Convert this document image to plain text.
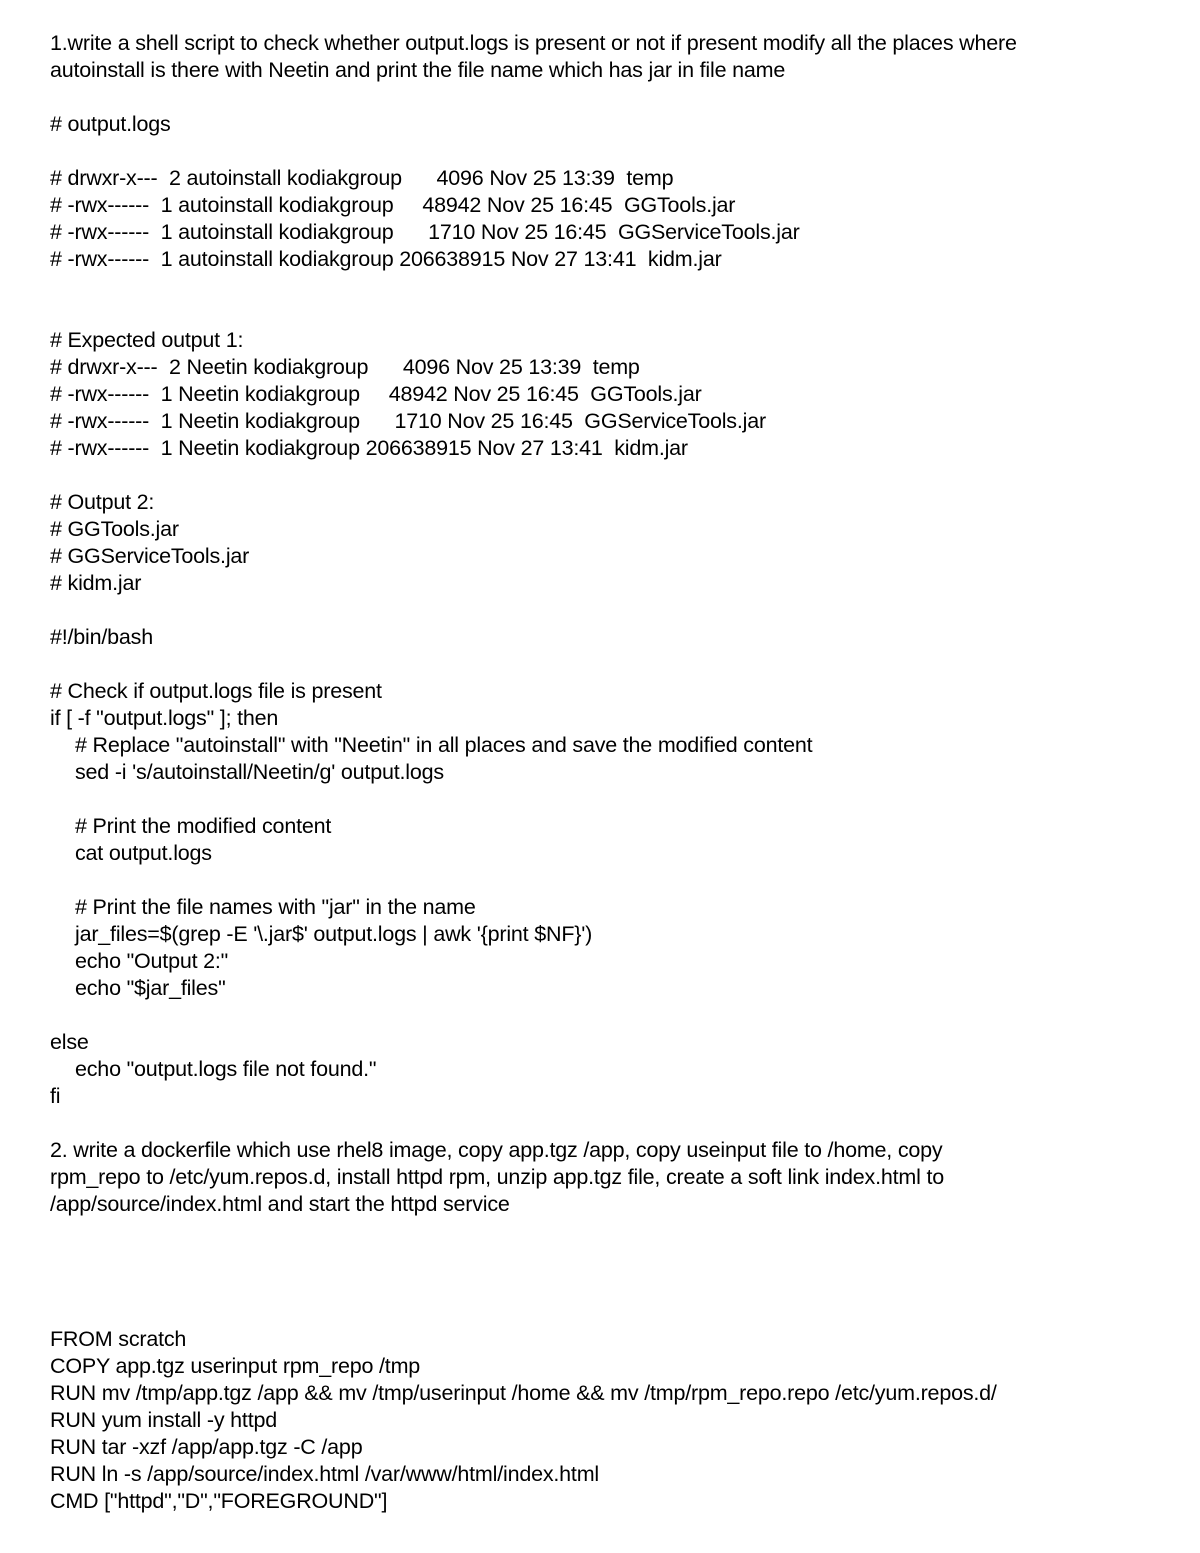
1.write a shell script to check whether output.logs is present or not if present modify all the places where
autoinstall is there with Neetin and print the file name which has jar in file name
# output.logs
# drwxr-x---  2 autoinstall kodiakgroup      4096 Nov 25 13:39  temp
# -rwx------  1 autoinstall kodiakgroup     48942 Nov 25 16:45  GGTools.jar
# -rwx------  1 autoinstall kodiakgroup      1710 Nov 25 16:45  GGServiceTools.jar
# -rwx------  1 autoinstall kodiakgroup 206638915 Nov 27 13:41  kidm.jar
# Expected output 1:
# drwxr-x---  2 Neetin kodiakgroup      4096 Nov 25 13:39  temp
# -rwx------  1 Neetin kodiakgroup     48942 Nov 25 16:45  GGTools.jar
# -rwx------  1 Neetin kodiakgroup      1710 Nov 25 16:45  GGServiceTools.jar
# -rwx------  1 Neetin kodiakgroup 206638915 Nov 27 13:41  kidm.jar
# Output 2:
# GGTools.jar
# GGServiceTools.jar
# kidm.jar
#!/bin/bash
# Check if output.logs file is present
if [ -f "output.logs" ]; then
# Replace "autoinstall" with "Neetin" in all places and save the modified content
sed -i 's/autoinstall/Neetin/g' output.logs
# Print the modified content
cat output.logs
# Print the file names with "jar" in the name
jar_files=$(grep -E '\.jar$' output.logs | awk '{print $NF}')
echo "Output 2:"
echo "$jar_files"
else
echo "output.logs file not found."
fi
2. write a dockerfile which use rhel8 image, copy app.tgz /app, copy useinput file to /home, copy
rpm_repo to /etc/yum.repos.d, install httpd rpm, unzip app.tgz file, create a soft link index.html to
/app/source/index.html and start the httpd service
FROM scratch
COPY app.tgz userinput rpm_repo /tmp
RUN mv /tmp/app.tgz /app && mv /tmp/userinput /home && mv /tmp/rpm_repo.repo /etc/yum.repos.d/
RUN yum install -y httpd
RUN tar -xzf /app/app.tgz -C /app
RUN ln -s /app/source/index.html /var/www/html/index.html
CMD ["httpd","D","FOREGROUND"]
